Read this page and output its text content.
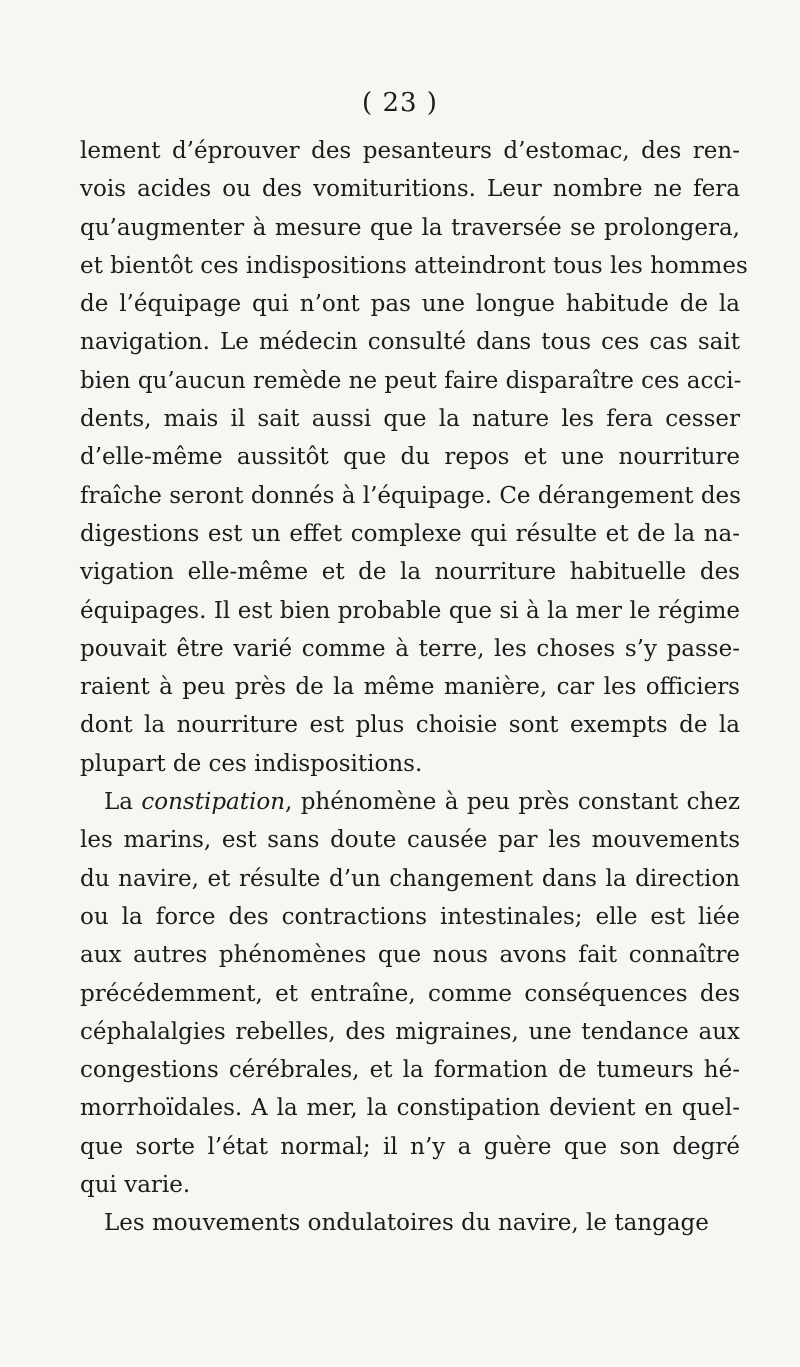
( 23 )
lement d’éprouver des pesanteurs d’estomac, des ren-
vois acides ou des vomituritions. Leur nombre ne fera
qu’augmenter à mesure que la traversée se prolongera,
et bientôt ces indispositions atteindront tous les hommes
de l’équipage qui n’ont pas une longue habitude de la
navigation. Le médecin consulté dans tous ces cas sait
bien qu’aucun remède ne peut faire disparaître ces acci-
dents, mais il sait aussi que la nature les fera cesser
d’elle-même aussitôt que du repos et une nourriture
fraîche seront donnés à l’équipage. Ce dérangement des
digestions est un effet complexe qui résulte et de la na-
vigation elle-même et de la nourriture habituelle des
équipages. Il est bien probable que si à la mer le régime
pouvait être varié comme à terre, les choses s’y passe-
raient à peu près de la même manière, car les officiers
dont la nourriture est plus choisie sont exempts de la
plupart de ces indispositions.
La constipation, phénomène à peu près constant chez
les marins, est sans doute causée par les mouvements
du navire, et résulte d’un changement dans la direction
ou la force des contractions intestinales; elle est liée
aux autres phénomènes que nous avons fait connaître
précédemment, et entraîne, comme conséquences des
céphalalgies rebelles, des migraines, une tendance aux
congestions cérébrales, et la formation de tumeurs hé-
morrhoïdales. A la mer, la constipation devient en quel-
que sorte l’état normal; il n’y a guère que son degré
qui varie.
Les mouvements ondulatoires du navire, le tangage
